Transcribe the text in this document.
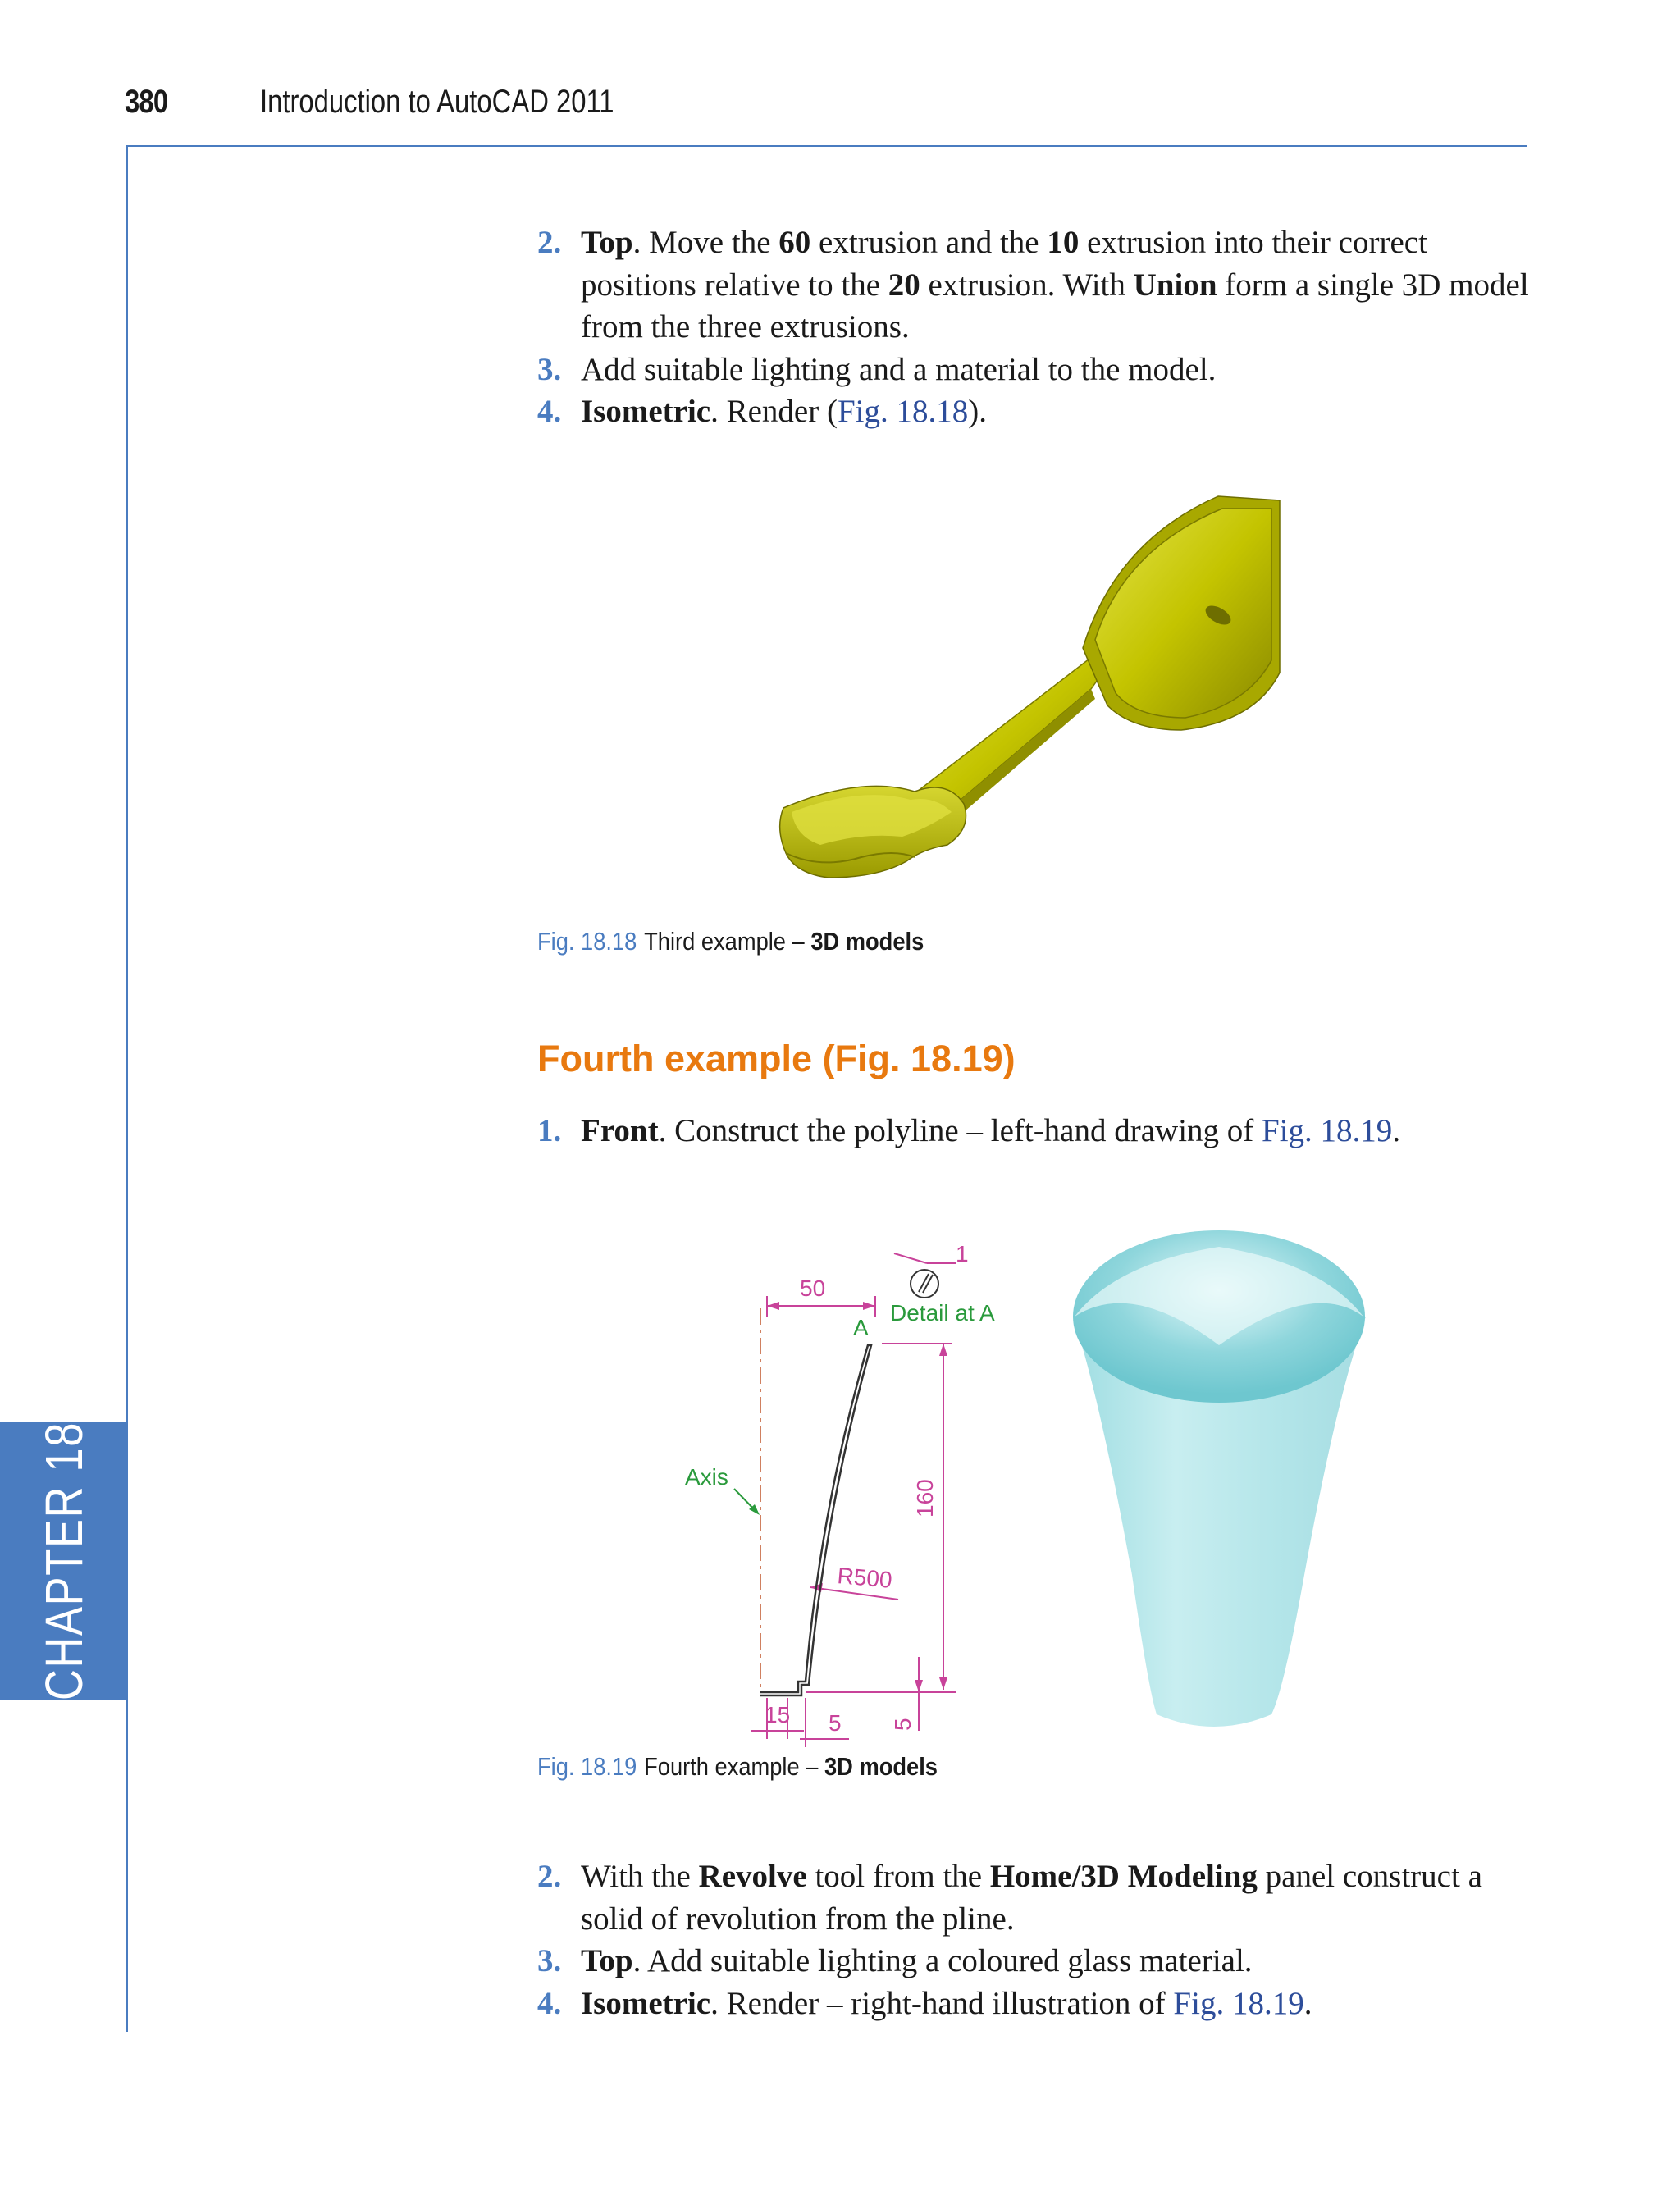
380	Introduction to AutoCAD 2011
CHAPTER 18
2. Top. Move the 60 extrusion and the 10 extrusion into their correct positions relative to the 20 extrusion. With Union form a single 3D model from the three extrusions.
3. Add suitable lighting and a material to the model.
4. Isometric. Render (Fig. 18.18).
Fig. 18.18 Third example – 3D models
Fourth example (Fig. 18.19)
1. Front. Construct the polyline – left-hand drawing of Fig. 18.19.
50
1
160
R500
15 5 5
Detail at A
A
Axis
Fig. 18.19 Fourth example – 3D models
2. With the Revolve tool from the Home/3D Modeling panel construct a solid of revolution from the pline.
3. Top. Add suitable lighting a coloured glass material.
4. Isometric. Render – right-hand illustration of Fig. 18.19.
